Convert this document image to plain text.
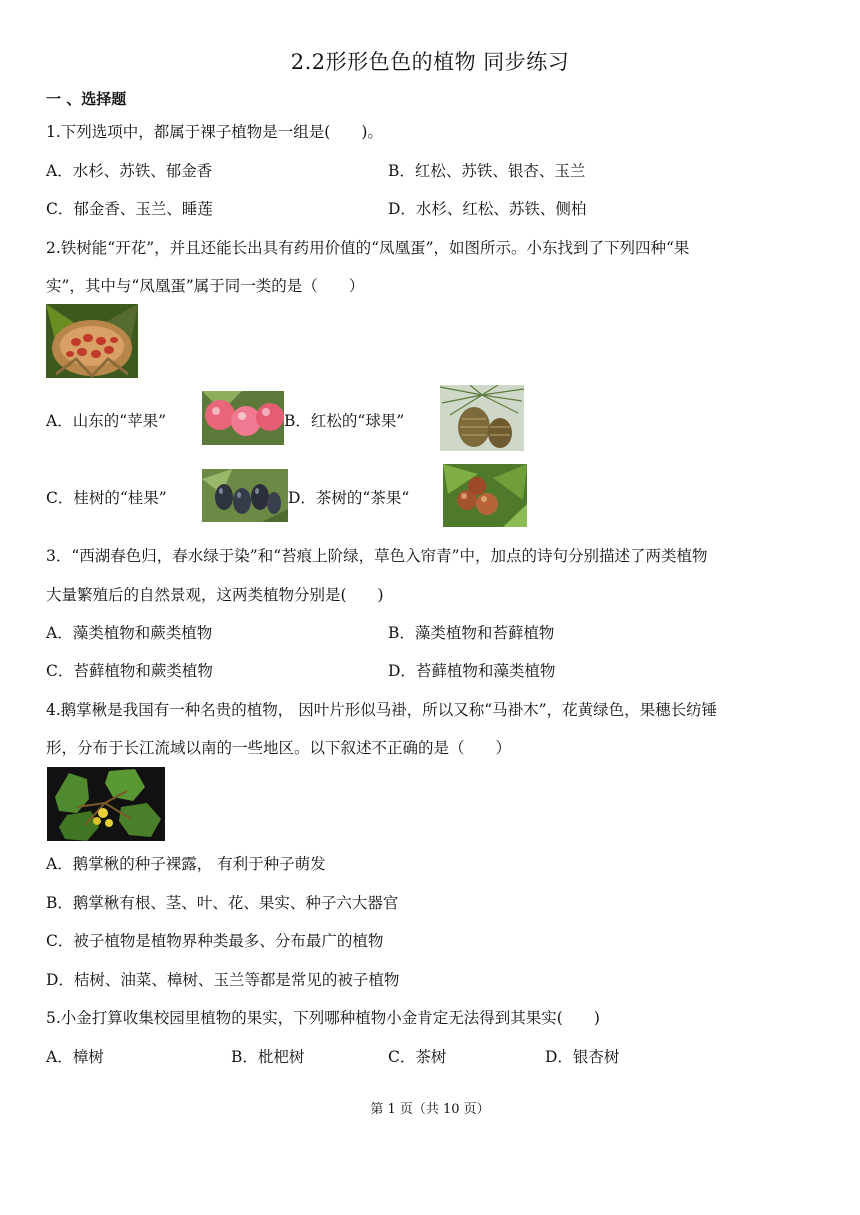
2.2形形色色的植物 同步练习
一 、选择题
1.下列选项中，都属于裸子植物是一组是(　　)。
A．水杉、苏铁、郁金香	B．红松、苏铁、银杏、玉兰
C．郁金香、玉兰、睡莲	D．水杉、红松、苏铁、侧柏
2.铁树能“开花”，并且还能长出具有药用价值的“凤凰蛋”，如图所示。小东找到了下列四种“果
实”，其中与“凤凰蛋”属于同一类的是（　　）
A．山东的“苹果”	B．红松的“球果”
C．桂树的“桂果”	D．茶树的“茶果“
3．“西湖春色归，春水绿于染”和“苔痕上阶绿，草色入帘青”中，加点的诗句分别描述了两类植物
大量繁殖后的自然景观，这两类植物分别是(　　)
A．藻类植物和蕨类植物	B．藻类植物和苔藓植物
C．苔藓植物和蕨类植物	D．苔藓植物和藻类植物
4.鹅掌楸是我国有一种名贵的植物， 因叶片形似马褂，所以又称“马褂木”，花黄绿色，果穗长纺锤
形，分布于长江流域以南的一些地区。以下叙述不正确的是（　　）
A．鹅掌楸的种子裸露， 有利于种子萌发
B．鹅掌楸有根、茎、叶、花、果实、种子六大器官
C．被子植物是植物界种类最多、分布最广的植物
D．桔树、油菜、樟树、玉兰等都是常见的被子植物
5.小金打算收集校园里植物的果实，下列哪种植物小金肯定无法得到其果实(　　)
A．樟树	B．枇杷树	C．茶树	D．银杏树
第 1 页（共 10 页）
